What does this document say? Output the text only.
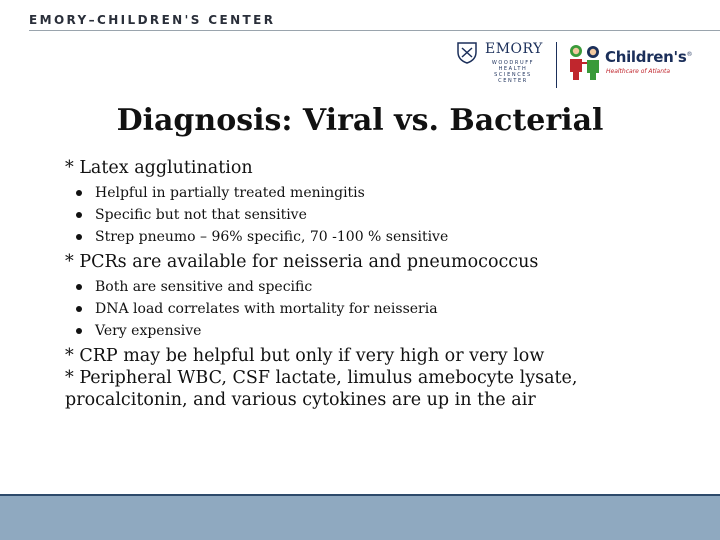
EMORY–CHILDREN'S CENTER
EMORY
WOODRUFF
HEALTH
SCIENCES
CENTER
Children's®
Healthcare of Atlanta
Diagnosis: Viral vs. Bacterial
* Latex agglutination
Helpful in partially treated meningitis
Specific but not that sensitive
Strep pneumo – 96% specific, 70 -100 % sensitive
* PCRs are available for neisseria and pneumococcus
Both are sensitive and specific
DNA load correlates with mortality for neisseria
Very expensive
* CRP may be helpful but only if very high or very low
* Peripheral WBC, CSF lactate, limulus amebocyte lysate, procalcitonin, and various cytokines are up in the air
